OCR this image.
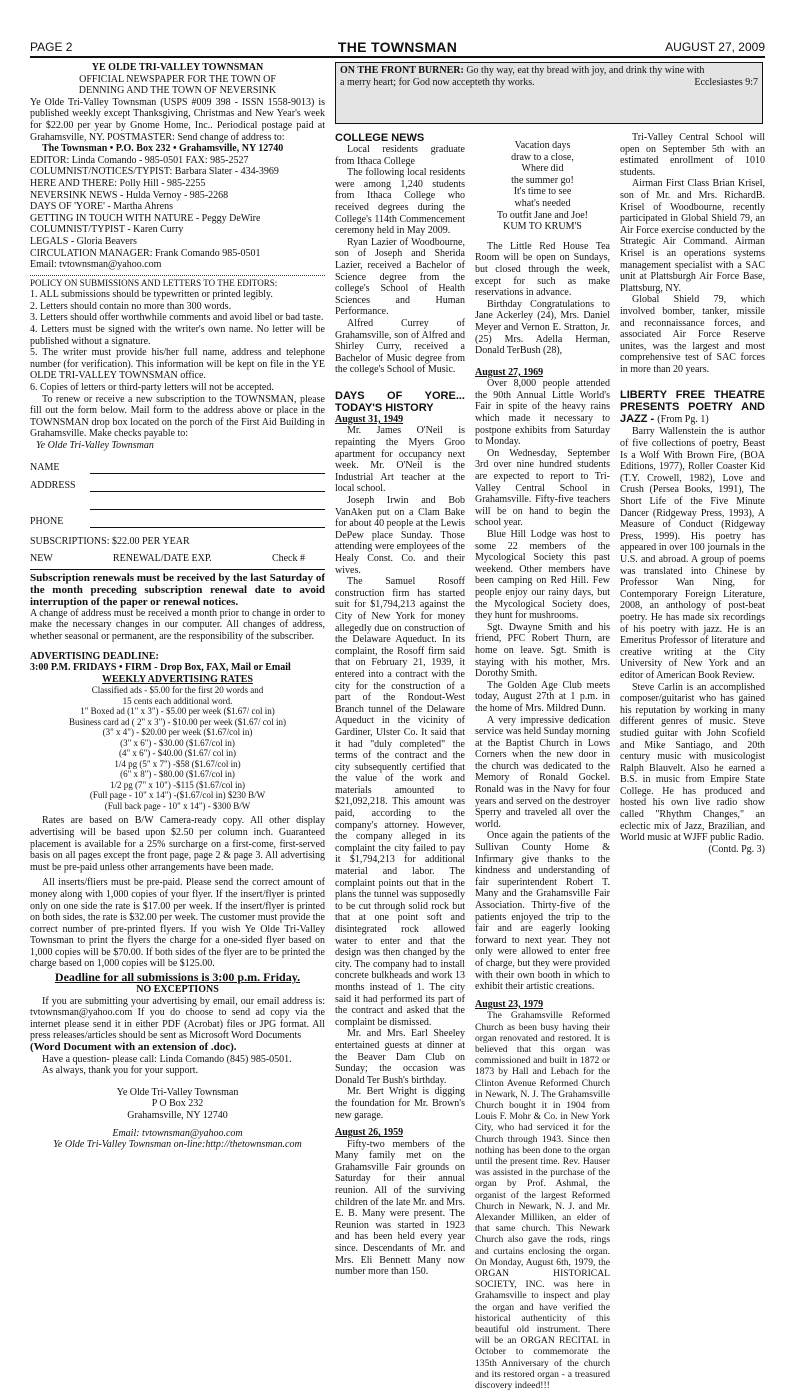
PAGE 2	THE TOWNSMAN	AUGUST 27, 2009

YE OLDE TRI-VALLEY TOWNSMAN

OFFICIAL NEWSPAPER FOR THE TOWN OF

DENNING AND THE TOWN OF NEVERSINK

Ye Olde Tri-Valley Townsman (USPS #009 398 - ISSN 1558-9013) is published weekly except Thanksgiving, Christmas and New Year's week for $22.00 per year by Gnome Home, Inc.. Periodical postage paid at Grahamsville, NY. POSTMASTER: Send change of address to:

The Townsman • P.O. Box 232 • Grahamsville, NY 12740

EDITOR: Linda Comando - 985-0501 FAX: 985-2527

COLUMNIST/NOTICES/TYPIST: Barbara Slater - 434-3969

HERE AND THERE: Polly Hill - 985-2255

NEVERSINK NEWS - Hulda Vernoy - 985-2268

DAYS OF 'YORE' - Martha Ahrens

GETTING IN TOUCH WITH NATURE - Peggy DeWire

COLUMNIST/TYPIST - Karen Curry

LEGALS - Gloria Beavers

CIRCULATION MANAGER: Frank Comando 985-0501

Email: tvtownsman@yahoo.com

POLICY ON SUBMISSIONS AND LETTERS TO THE EDITORS:

1. ALL submissions should be typewritten or printed legibly.

2. Letters should contain no more than 300 words.

3. Letters should offer worthwhile comments and avoid libel or bad taste.

4. Letters must be signed with the writer's own name. No letter will be published without a signature.

5. The writer must provide his/her full name, address and telephone number (for verification). This information will be kept on file in the YE OLDE TRI-VALLEY TOWNSMAN office.

6. Copies of letters or third-party letters will not be accepted.

To renew or receive a new subscription to the TOWNSMAN, please fill out the form below. Mail form to the address above or place in the TOWNSMAN drop box located on the porch of the First Aid Building in Grahamsville. Make checks payable to:

Ye Olde Tri-Valley Townsman

NAME
ADDRESS
PHONE

SUBSCRIPTIONS: $22.00 PER YEAR

NEW	RENEWAL/DATE EXP.	Check #

Subscription renewals must be received by the last Saturday of the month preceding subscription renewal date to avoid interruption of the paper or renewal notices.

A change of address must be received a month prior to change in order to make the necessary changes in our computer. All changes of address, whether seasonal or permanent, are the responsibility of the subscriber.

ADVERTISING DEADLINE:

3:00 P.M. FRIDAYS • FIRM - Drop Box, FAX, Mail or Email

WEEKLY ADVERTISING RATES

Classified ads - $5.00 for the first 20 words and

15 cents each additional word.

1" Boxed ad (1" x 3") - $5.00 per week ($1.67/ col in)

Business card ad ( 2" x 3") - $10.00 per week ($1.67/ col in)

(3" x 4") - $20.00 per week ($1.67/col in)

(3" x 6") - $30.00 ($1.67/col in)

(4" x 6") - $40.00 ($1.67/ col in)

1/4 pg (5" x 7") -$58 ($1.67/col in)

(6" x 8") - $80.00 ($1.67/col in)

1/2 pg (7" x 10") -$115 ($1.67/col in)

(Full page - 10" x 14") -($1.67/col in) $230 B/W

(Full back page - 10" x 14") - $300 B/W

Rates are based on B/W Camera-ready copy. All other display advertising will be based upon $2.50 per column inch. Guaranteed placement is available for a 25% surcharge on a first-come, first-served basis on all pages except the front page, page 2 & page 3. All advertising must be pre-paid unless other arrangements have been made.

All inserts/fliers must be pre-paid. Please send the correct amount of money along with 1,000 copies of your flyer. If the insert/flyer is printed only on one side the rate is $17.00 per week. If the insert/flyer is printed on both sides, the rate is $32.00 per week. The customer must provide the correct number of pre-printed flyers. If you wish Ye Olde Tri-Valley Townsman to print the flyers the charge for a one-sided flyer based on 1,000 copies will be $70.00. If both sides of the flyer are to be printed the charge based on 1,000 copies will be $125.00.

Deadline for all submissions is 3:00 p.m. Friday.

NO EXCEPTIONS

If you are submitting your advertising by email, our email address is: tvtownsman@yahoo.com If you do choose to send ad copy via the internet please send it in either PDF (Acrobat) files or JPG format. All press releases/articles should be sent as Microsoft Word Documents

(Word Document with an extension of .doc).

Have a question- please call: Linda Comando (845) 985-0501.

As always, thank you for your support.

Ye Olde Tri-Valley Townsman

P O Box 232

Grahamsville, NY 12740

Email: tvtownsman@yahoo.com

Ye Olde Tri-Valley Townsman on-line:http://thetownsman.com

ON THE FRONT BURNER: Go thy way, eat thy bread with joy, and drink thy wine with
a merry heart; for God now accepteth thy works.	Ecclesiastes 9:7

COLLEGE NEWS

Local residents graduate from Ithaca College

The following local residents were among 1,240 students from Ithaca College who received degrees during the College's 114th Commencement ceremony held in May 2009.

Ryan Lazier of Woodbourne, son of Joseph and Sherida Lazier, received a Bachelor of Science degree from the college's School of Health Sciences and Human Performance.

Alfred Currey of Grahamsville, son of Alfred and Shirley Curry, received a Bachelor of Music degree from the college's School of Music.

DAYS OF YORE... TODAY'S HISTORY

August 31, 1949

Mr. James O'Neil is repainting the Myers Groo apartment for occupancy next week. Mr. O'Neil is the Industrial Art teacher at the local school.

Joseph Irwin and Bob VanAken put on a Clam Bake for about 40 people at the Lewis DePew place Sunday. Those attending were employees of the Healy Const. Co. and their wives.

The Samuel Rosoff construction firm has started suit for $1,794,213 against the City of New York for money allegedly due on construction of the Delaware Aqueduct. In its complaint, the Rosoff firm said that on February 21, 1939, it entered into a contract with the city for the construction of a part of the Rondout-West Branch tunnel of the Delaware Aqueduct in the vicinity of Gardiner, Ulster Co. It said that it had "duly completed" the terms of the contract and the city subsequently certified that the value of the work and materials amounted to $21,092,218. This amount was paid, according to the company's attorney. However, the company alleged in its complaint the city failed to pay it $1,794,213 for additional material and labor. The complaint points out that in the plans the tunnel was supposedly to be cut through solid rock but that at one point soft and disintegrated rock allowed water to enter and that the design was then changed by the city. The company had to install concrete bulkheads and work 13 months instead of 1. The city said it had performed its part of the contract and asked that the complaint be dismissed.

Mr. and Mrs. Earl Sheeley entertained guests at dinner at the Beaver Dam Club on Sunday; the occasion was Donald Ter Bush's birthday.

Mr. Bert Wright is digging the foundation for Mr. Brown's new garage.

August 26, 1959

Fifty-two members of the Many family met on the Grahamsville Fair grounds on Saturday for their annual reunion. All of the surviving children of the late Mr. and Mrs. E. B. Many were present. The Reunion was started in 1923 and has been held every year since. Descendants of Mr. and Mrs. Eli Bennett Many now number more than 150.

Vacation days

draw to a close,

Where did

the summer go!

It's time to see

what's needed

To outfit Jane and Joe!

KUM TO KRUM'S

The Little Red House Tea Room will be open on Sundays, but closed through the week, except for such as make reservations in advance.

Birthday Congratulations to Jane Ackerley (24), Mrs. Daniel Meyer and Vernon E. Stratton, Jr. (25) Mrs. Adella Herman, Donald TerBush (28),

August 27, 1969

Over 8,000 people attended the 90th Annual Little World's Fair in spite of the heavy rains which made it necessary to postpone exhibits from Saturday to Monday.

On Wednesday, September 3rd over nine hundred students are expected to report to Tri-Valley Central School in Grahamsville. Fifty-five teachers will be on hand to begin the school year.

Blue Hill Lodge was host to some 22 members of the Mycological Society this past weekend. Other members have been camping on Red Hill. Few people enjoy our rainy days, but the Mycological Society does, they hunt for mushrooms.

Sgt. Dwayne Smith and his friend, PFC Robert Thurn, are home on leave. Sgt. Smith is staying with his mother, Mrs. Dorothy Smith.

The Golden Age Club meets today, August 27th at 1 p.m. in the home of Mrs. Mildred Dunn.

A very impressive dedication service was held Sunday morning at the Baptist Church in Lows Corners when the new door in the church was dedicated to the Memory of Ronald Gockel. Ronald was in the Navy for four years and served on the destroyer Sperry and traveled all over the world.

Once again the patients of the Sullivan County Home & Infirmary give thanks to the kindness and understanding of fair superintendent Robert T. Many and the Grahamsville Fair Association. Thirty-five of the patients enjoyed the trip to the fair and are eagerly looking forward to next year. They not only were allowed to enter free of charge, but they were provided with their own booth in which to exhibit their artistic creations.

August 23, 1979

The Grahamsville Reformed Church as been busy having their organ renovated and restored. It is believed that this organ was commissioned and built in 1872 or 1873 by Hall and Lebach for the Clinton Avenue Reformed Church in Newark, N. J. The Grahamsville Church bought it in 1904 from Louis F. Mohr & Co. in New York City, who had serviced it for the Church through 1943. Since then nothing has been done to the organ until the present time. Rev. Hauser was assisted in the purchase of the organ by Prof. Ashmal, the organist of the largest Reformed Church in Newark, N. J. and Mr. Alexander Milliken, an elder of that same church. This Newark Church also gave the rods, rings and curtains enclosing the organ. On Monday, August 6th, 1979, the ORGAN HISTORICAL SOCIETY, INC. was here in Grahamsville to inspect and play the organ and have verified the historical authenticity of this beautiful old instrument. There will be an ORGAN RECITAL in October to commemorate the 135th Anniversary of the church and its restored organ - a treasured discovery indeed!!!

Tri-Valley Central School will open on September 5th with an estimated enrollment of 1010 students.

Airman First Class Brian Krisel, son of Mr. and Mrs. RichardB. Krisel of Woodbourne, recently participated in Global Shield 79, an Air Force exercise conducted by the Strategic Air Command. Airman Krisel is an operations systems management specialist with a SAC unit at Plattsburgh Air Force Base, Plattsburg, NY.

Global Shield 79, which involved bomber, tanker, missile and reconnaissance forces, and associated Air Force Reserve unites, was the largest and most comprehensive test of SAC forces in more than 20 years.

LIBERTY FREE THEATRE PRESENTS POETRY AND JAZZ - (From Pg. 1)

Barry Wallenstein the is author of five collections of poetry, Beast Is a Wolf With Brown Fire, (BOA Editions, 1977), Roller Coaster Kid (T.Y. Crowell, 1982), Love and Crush (Persea Books, 1991), The Short Life of the Five Minute Dancer (Ridgeway Press, 1993), A Measure of Conduct (Ridgeway Press, 1999). His poetry has appeared in over 100 journals in the U.S. and abroad. A group of poems was translated into Chinese by Professor Wan Ning, for Contemporary Foreign Literature, 2008, an anthology of post-beat poetry. He has made six recordings of his poetry with jazz. He is an Emeritus Professor of literature and creative writing at the City University of New York and an editor of American Book Review.

Steve Carlin is an accomplished composer/guitarist who has gained his reputation by working in many different genres of music. Steve studied guitar with John Scofield and Mike Santiago, and 20th century music with musicologist Ralph Blauvelt. Also he earned a B.S. in music from Empire State College. He has produced and hosted his own live radio show called "Rhythm Changes," an eclectic mix of Jazz, Brazilian, and World music at WJFF public Radio.

(Contd. Pg. 3)
